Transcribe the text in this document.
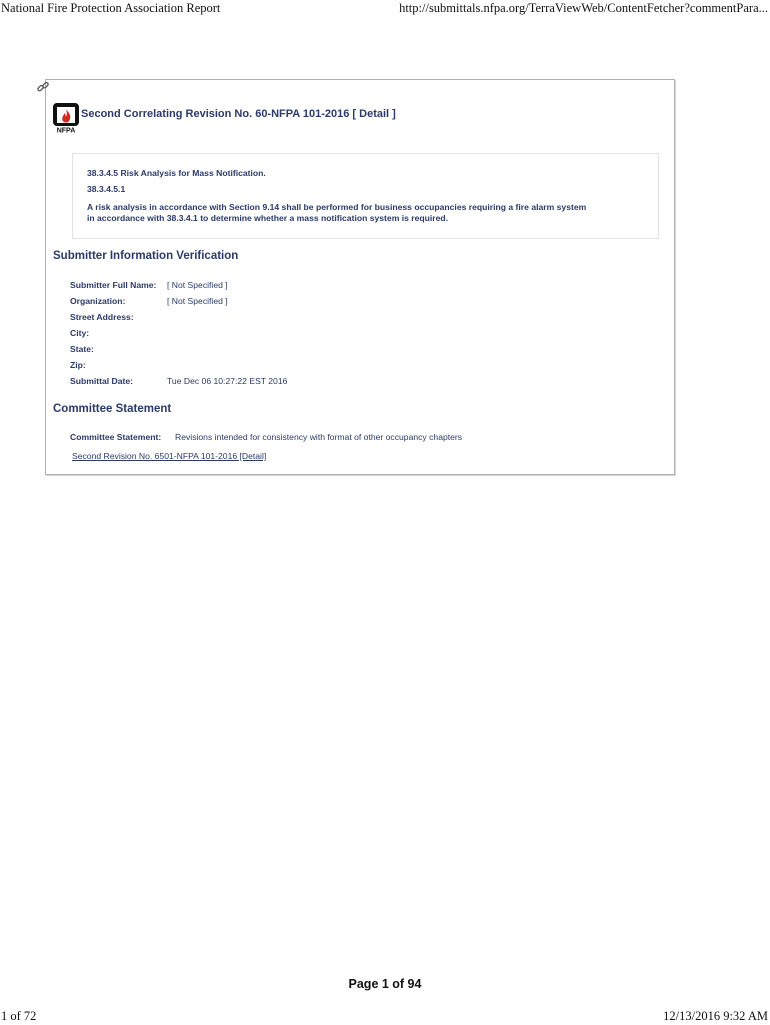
National Fire Protection Association Report	http://submittals.nfpa.org/TerraViewWeb/ContentFetcher?commentPara...
NFPA
Second Correlating Revision No. 60-NFPA 101-2016 [ Detail ]
38.3.4.5 Risk Analysis for Mass Notification.
38.3.4.5.1
A risk analysis in accordance with Section 9.14 shall be performed for business occupancies requiring a fire alarm system
in accordance with 38.3.4.1 to determine whether a mass notification system is required.
Submitter Information Verification
Submitter Full Name: [ Not Specified ]
Organization:	[ Not Specified ]
Street Address:
City:
State:
Zip:
Submittal Date:	Tue Dec 06 10:27:22 EST 2016
Committee Statement
Committee Statement: Revisions intended for consistency with format of other occupancy chapters
Second Revision No. 6501-NFPA 101-2016 [Detail]
Page 1 of 94
1 of 72	12/13/2016 9:32 AM
